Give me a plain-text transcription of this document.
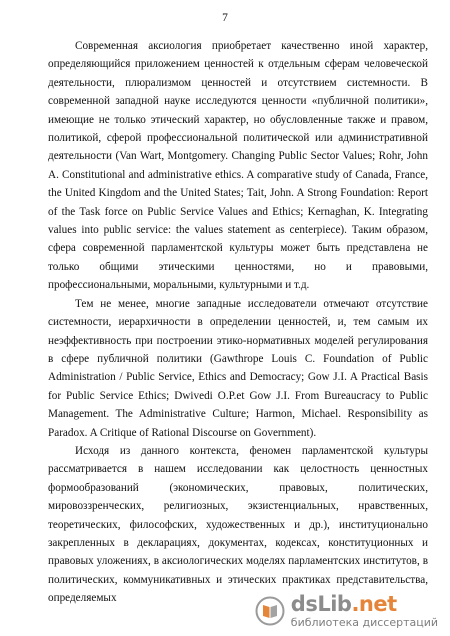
7

Современная аксиология приобретает качественно иной характер, определяющийся приложением ценностей к отдельным сферам человеческой деятельности, плюрализмом ценностей и отсутствием системности. В современной западной науке исследуются ценности «публичной политики», имеющие не только этический характер, но обусловленные также и правом, политикой, сферой профессиональной политической или административной деятельности (Van Wart, Montgomery. Changing Public Sector Values; Rohr, John A. Constitutional and administrative ethics. A comparative study of Canada, France, the United Kingdom and the United States; Tait, John. A Strong Foundation: Report of the Task force on Public Service Values and Ethics; Kernaghan, K. Integrating values into public service: the values statement as centerpiece). Таким образом, сфера современной парламентской культуры может быть представлена не только общими этическими ценностями, но и правовыми, профессиональными, моральными, культурными и т.д.

Тем не менее, многие западные исследователи отмечают отсутствие системности, иерархичности в определении ценностей, и, тем самым их неэффективность при построении этико-нормативных моделей регулирования в сфере публичной политики (Gawthrope Louis C. Foundation of Public Administration / Public Service, Ethics and Democracy; Gow J.I. A Practical Basis for Public Service Ethics; Dwivedi O.P.et Gow J.I. From Bureaucracy to Public Management. The Administrative Culture; Harmon, Michael. Responsibility as Paradox. A Critique of Rational Discourse on Government).

Исходя из данного контекста, феномен парламентской культуры рассматривается в нашем исследовании как целостность ценностных формообразований (экономических, правовых, политических, мировоззренческих, религиозных, экзистенциальных, нравственных, теоретических, философских, художественных и др.), институционально закрепленных в декларациях, документах, кодексах, конституционных и правовых уложениях, в аксиологических моделях парламентских институтов, в политических, коммуникативных и этических практиках представительства, определяемых	dsLib.net
библиотека диссертаций
